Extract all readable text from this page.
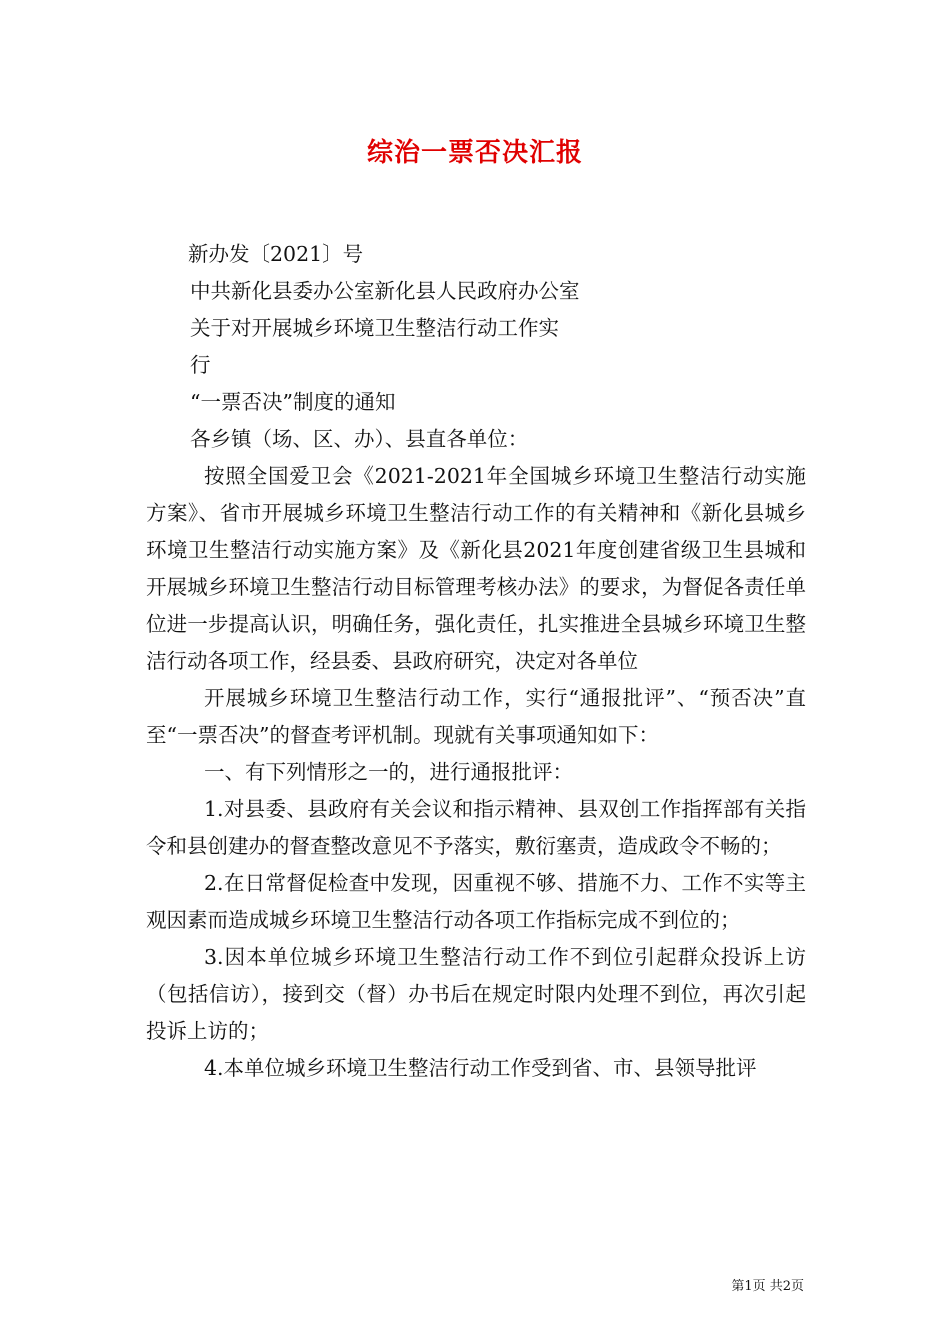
综治一票否决汇报

新办发〔2021〕号

中共新化县委办公室新化县人民政府办公室

关于对开展城乡环境卫生整洁行动工作实

行

“一票否决”制度的通知

各乡镇（场、区、办）、县直各单位：

按照全国爱卫会《2021-2021年全国城乡环境卫生整洁行动实施方案》、省市开展城乡环境卫生整洁行动工作的有关精神和《新化县城乡环境卫生整洁行动实施方案》及《新化县2021年度创建省级卫生县城和开展城乡环境卫生整洁行动目标管理考核办法》的要求，为督促各责任单位进一步提高认识，明确任务，强化责任，扎实推进全县城乡环境卫生整洁行动各项工作，经县委、县政府研究，决定对各单位

开展城乡环境卫生整洁行动工作，实行“通报批评”、“预否决”直至“一票否决”的督查考评机制。现就有关事项通知如下：

一、有下列情形之一的，进行通报批评：

1.对县委、县政府有关会议和指示精神、县双创工作指挥部有关指令和县创建办的督查整改意见不予落实，敷衍塞责，造成政令不畅的；

2.在日常督促检查中发现，因重视不够、措施不力、工作不实等主观因素而造成城乡环境卫生整洁行动各项工作指标完成不到位的；

3.因本单位城乡环境卫生整洁行动工作不到位引起群众投诉上访（包括信访），接到交（督）办书后在规定时限内处理不到位，再次引起投诉上访的；

4.本单位城乡环境卫生整洁行动工作受到省、市、县领导批评

第1页 共2页
